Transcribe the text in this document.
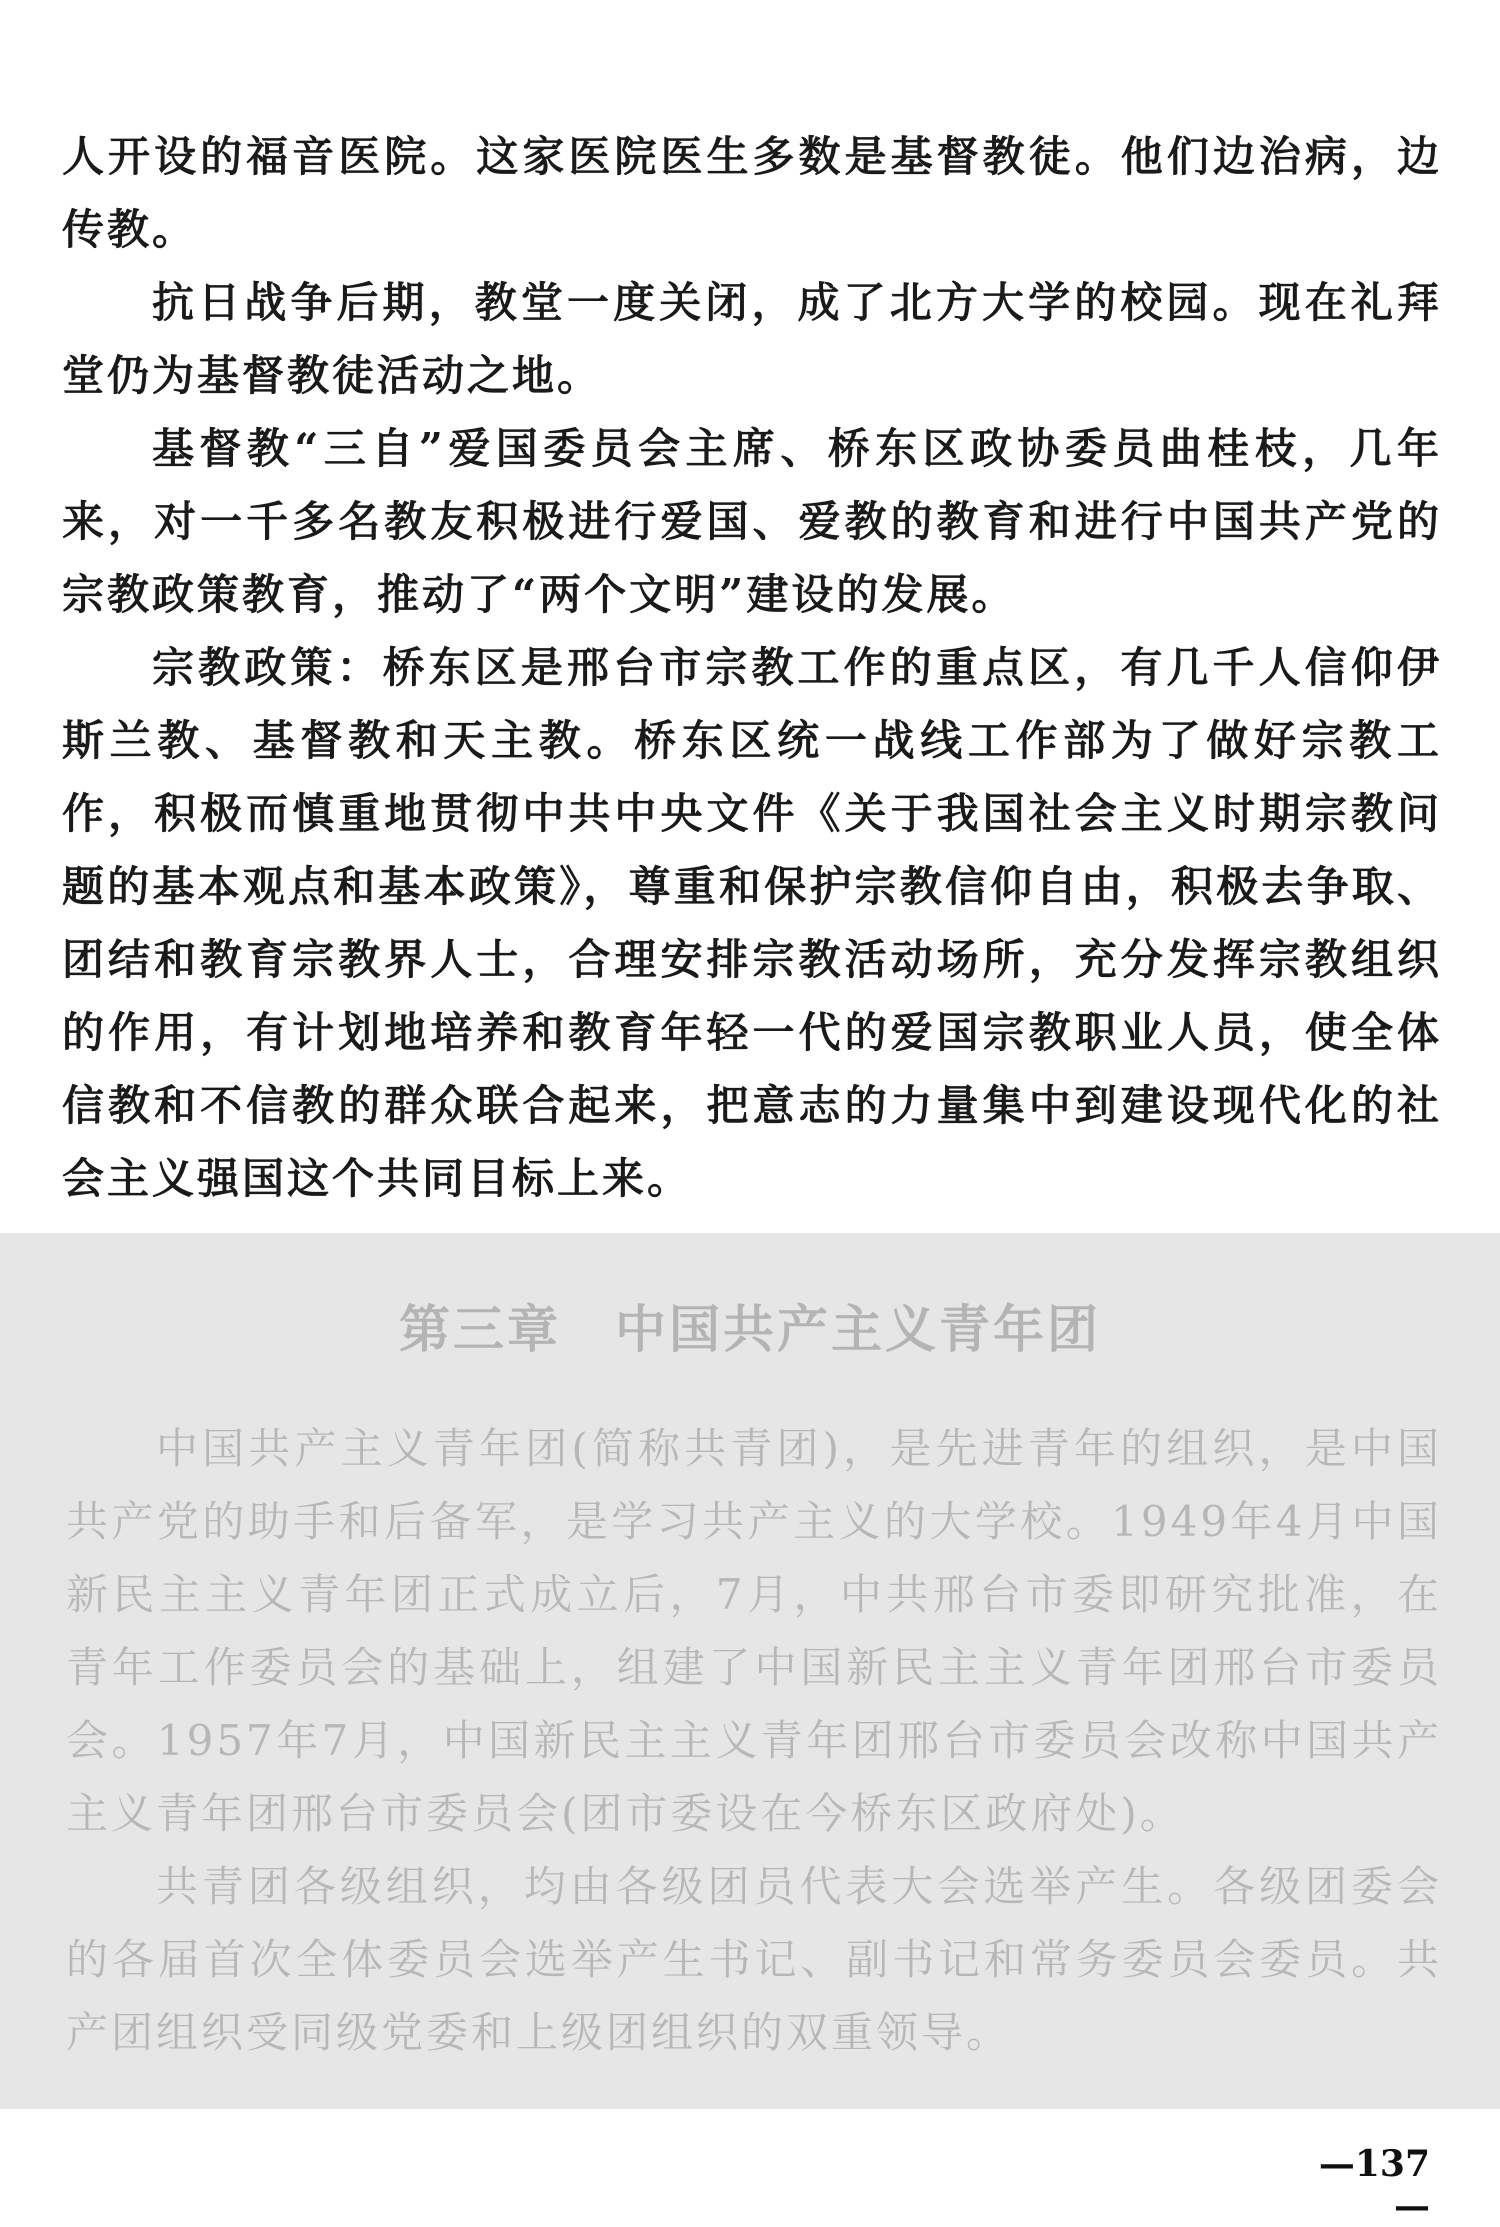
人开设的福音医院。这家医院医生多数是基督教徒。他们边治病，边传教。

抗日战争后期，教堂一度关闭，成了北方大学的校园。现在礼拜堂仍为基督教徒活动之地。

基督教“三自”爱国委员会主席、桥东区政协委员曲桂枝，几年来，对一千多名教友积极进行爱国、爱教的教育和进行中国共产党的宗教政策教育，推动了“两个文明”建设的发展。

宗教政策：桥东区是邢台市宗教工作的重点区，有几千人信仰伊斯兰教、基督教和天主教。桥东区统一战线工作部为了做好宗教工作，积极而慎重地贯彻中共中央文件《关于我国社会主义时期宗教问题的基本观点和基本政策》，尊重和保护宗教信仰自由，积极去争取、团结和教育宗教界人士，合理安排宗教活动场所，充分发挥宗教组织的作用，有计划地培养和教育年轻一代的爱国宗教职业人员，使全体信教和不信教的群众联合起来，把意志的力量集中到建设现代化的社会主义强国这个共同目标上来。

第三章　中国共产主义青年团

中国共产主义青年团(简称共青团)，是先进青年的组织，是中国共产党的助手和后备军，是学习共产主义的大学校。1949年4月中国新民主主义青年团正式成立后，7月，中共邢台市委即研究批准，在青年工作委员会的基础上，组建了中国新民主主义青年团邢台市委员会。1957年7月，中国新民主主义青年团邢台市委员会改称中国共产主义青年团邢台市委员会(团市委设在今桥东区政府处)。

共青团各级组织，均由各级团员代表大会选举产生。各级团委会的各届首次全体委员会选举产生书记、副书记和常务委员会委员。共产团组织受同级党委和上级团组织的双重领导。

—137—
